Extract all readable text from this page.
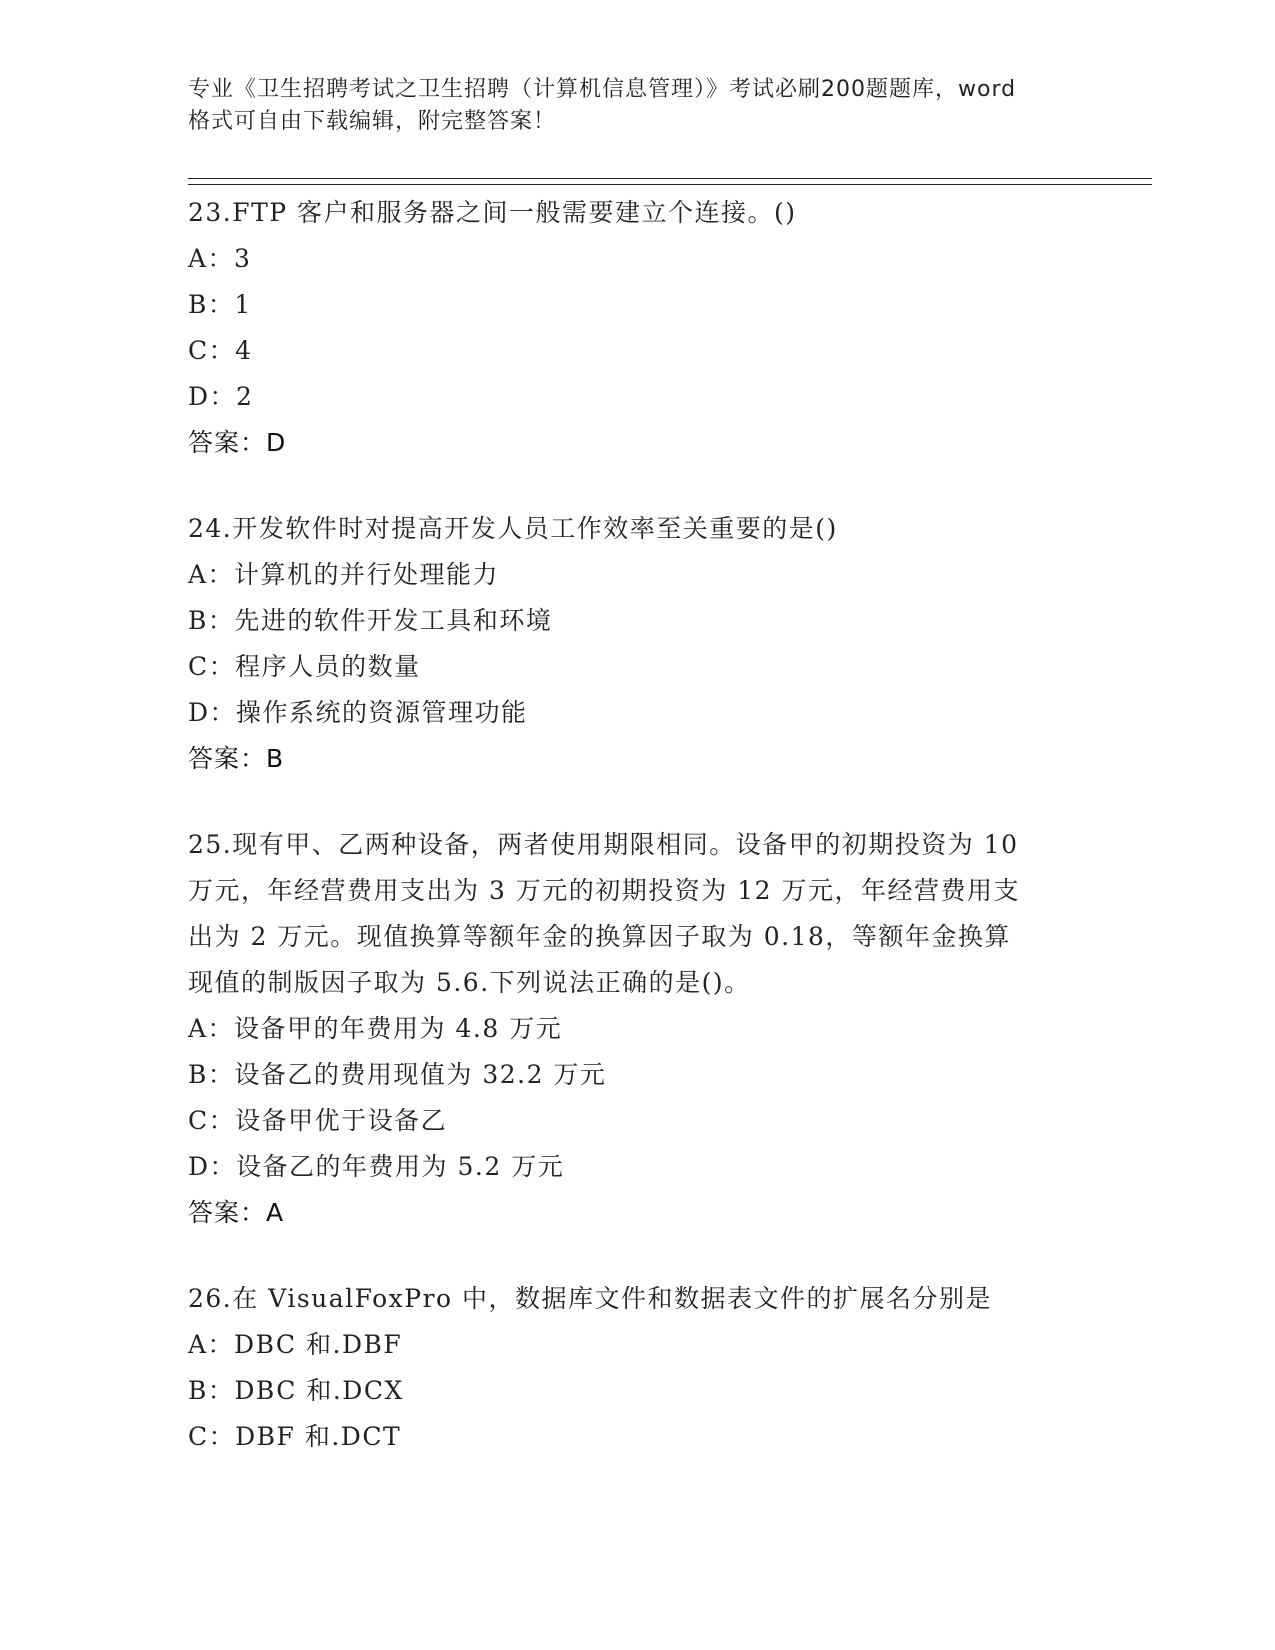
专业《卫生招聘考试之卫生招聘（计算机信息管理）》考试必刷200题题库，word
格式可自由下载编辑，附完整答案！

23.FTP 客户和服务器之间一般需要建立个连接。()

A：3

B：1

C：4

D：2

答案：D

24.开发软件时对提高开发人员工作效率至关重要的是()

A：计算机的并行处理能力

B：先进的软件开发工具和环境

C：程序人员的数量

D：操作系统的资源管理功能

答案：B

25.现有甲、乙两种设备，两者使用期限相同。设备甲的初期投资为 10

万元，年经营费用支出为 3 万元的初期投资为 12 万元，年经营费用支

出为 2 万元。现值换算等额年金的换算因子取为 0.18，等额年金换算

现值的制版因子取为 5.6.下列说法正确的是()。

A：设备甲的年费用为 4.8 万元

B：设备乙的费用现值为 32.2 万元

C：设备甲优于设备乙

D：设备乙的年费用为 5.2 万元

答案：A

26.在 VisualFoxPro 中，数据库文件和数据表文件的扩展名分别是

A：DBC 和.DBF

B：DBC 和.DCX

C：DBF 和.DCT
